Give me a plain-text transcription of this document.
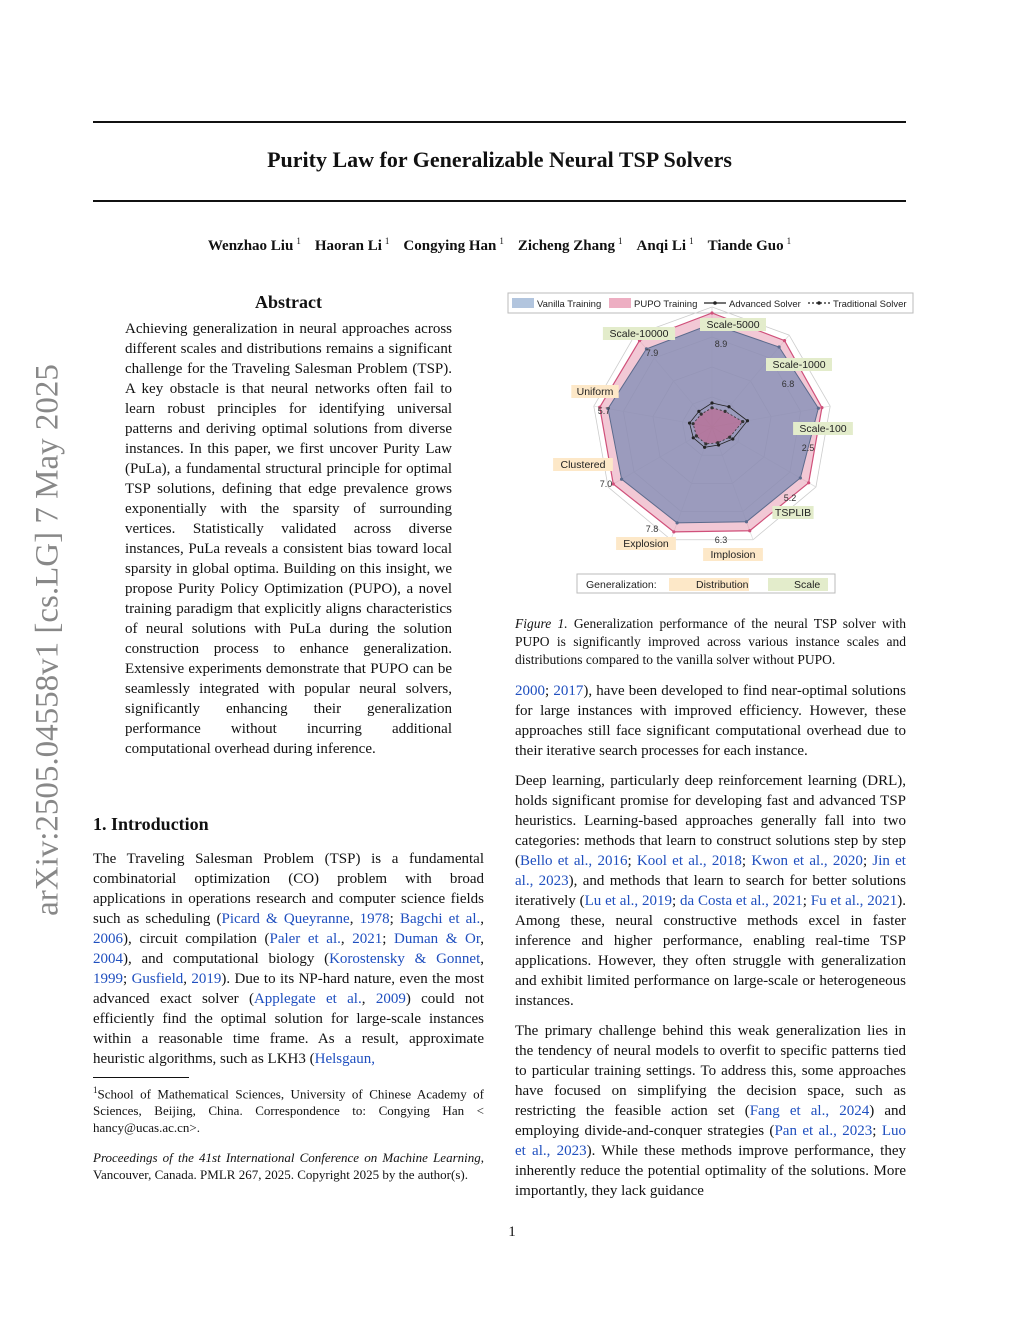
Purity Law for Generalizable Neural TSP Solvers
Wenzhao Liu $^1$ Haoran Li $^1$ Congying Han $^1$ Zicheng Zhang $^1$ Anqi Li $^1$ Tiande Guo $^1$
arXiv:2505.04558v1 [cs.LG] 7 May 2025
Abstract
Achieving generalization in neural approaches across different scales and distributions remains a significant challenge for the Traveling Salesman Problem (TSP). A key obstacle is that neural networks often fail to learn robust principles for identifying universal patterns and deriving optimal solutions from diverse instances. In this paper, we first uncover Purity Law (PuLa), a fundamental structural principle for optimal TSP solutions, defining that edge prevalence grows exponentially with the sparsity of surrounding vertices. Statistically validated across diverse instances, PuLa reveals a consistent bias toward local sparsity in global optima. Building on this insight, we propose Purity Policy Optimization (PUPO), a novel training paradigm that explicitly aligns characteristics of neural solutions with PuLa during the solution construction process to enhance generalization. Extensive experiments demonstrate that PUPO can be seamlessly integrated with popular neural solvers, significantly enhancing their generalization performance without incurring additional computational overhead during inference.
1. Introduction

The Traveling Salesman Problem (TSP) is a fundamental combinatorial optimization (CO) problem with broad applications in operations research and computer science fields such as scheduling (Picard & Queyranne, 1978; Bagchi et al., 2006), circuit compilation (Paler et al., 2021; Duman & Or, 2004), and computational biology (Korostensky & Gonnet, 1999; Gusfield, 2019). Due to its NP-hard nature, even the most advanced exact solver (Applegate et al., 2009) could not efficiently find the optimal solution for large-scale instances within a reasonable time frame. As a result, approximate heuristic algorithms, such as LKH3 (Helsgaun,

$^1$School of Mathematical Sciences, University of Chinese Academy of Sciences, Beijing, China. Correspondence to: Congying Han < hancy@ucas.ac.cn>.
Proceedings of the 41st International Conference on Machine Learning, Vancouver, Canada. PMLR 267, 2025. Copyright 2025 by the author(s).
Vanilla Training	PUPO Training	Advanced Solver	Traditional Solver
Scale-5000
8.9
Scale-1000
6.8
Scale-100
2.5
TSPLIB
5.2
Implosion
6.3
Explosion
7.8
Clustered
7.0
Uniform
5.7
Scale-10000
7.9
Generalization:	Distribution	Scale
Figure 1. Generalization performance of the neural TSP solver with PUPO is significantly improved across various instance scales and distributions compared to the vanilla solver without PUPO.

2000; 2017), have been developed to find near-optimal solutions for large instances with improved efficiency. However, these approaches still face significant computational overhead due to their iterative search processes for each instance.

Deep learning, particularly deep reinforcement learning (DRL), holds significant promise for developing fast and advanced TSP heuristics. Learning-based approaches generally fall into two categories: methods that learn to construct solutions step by step (Bello et al., 2016; Kool et al., 2018; Kwon et al., 2020; Jin et al., 2023), and methods that learn to search for better solutions iteratively (Lu et al., 2019; da Costa et al., 2021; Fu et al., 2021). Among these, neural constructive methods excel in faster inference and higher performance, enabling real-time TSP applications. However, they often struggle with generalization and exhibit limited performance on large-scale or heterogeneous instances.

The primary challenge behind this weak generalization lies in the tendency of neural models to overfit to specific patterns tied to particular training settings. To address this, some approaches have focused on simplifying the decision space, such as restricting the feasible action set (Fang et al., 2024) and employing divide-and-conquer strategies (Pan et al., 2023; Luo et al., 2023). While these methods improve performance, they inherently reduce the potential optimality of the solutions. More importantly, they lack guidance

1
